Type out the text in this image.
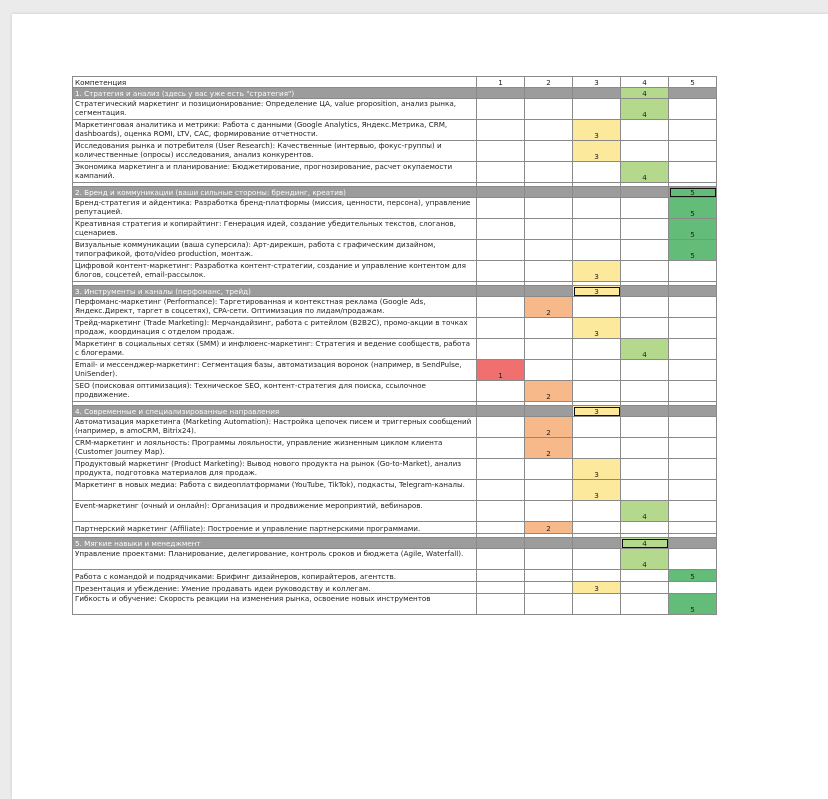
Компетенция	1	2	3	4	5
1. Стратегия и анализ (здесь у вас уже есть "стратегия")				4	
Стратегический маркетинг и позиционирование: Определение ЦА, value proposition, анализ рынка, сегментация.				4	
Маркетинговая аналитика и метрики: Работа с данными (Google Analytics, Яндекс.Метрика, CRM, dashboards), оценка ROMI, LTV, CAC, формирование отчетности.			3		
Исследования рынка и потребителя (User Research): Качественные (интервью, фокус-группы) и количественные (опросы) исследования, анализ конкурентов.			3		
Экономика маркетинга и планирование: Бюджетирование, прогнозирование, расчет окупаемости кампаний.				4	

2. Бренд и коммуникации (ваши сильные стороны: брендинг, креатив)					5
Бренд-стратегия и айдентика: Разработка бренд-платформы (миссия, ценности, персона), управление репутацией.					5
Креативная стратегия и копирайтинг: Генерация идей, создание убедительных текстов, слоганов, сценариев.					5
Визуальные коммуникации (ваша суперсила): Арт-дирекшн, работа с графическим дизайном, типографикой, фото/video production, монтаж.					5
Цифровой контент-маркетинг: Разработка контент-стратегии, создание и управление контентом для блогов, соцсетей, email-рассылок.			3		

3. Инструменты и каналы (перфоманс, трейд)			3		
Перфомaнс-маркетинг (Performance): Таргетированная и контекстная реклама (Google Ads, Яндекс.Директ, таргет в соцсетях), CPA-сети. Оптимизация по лидам/продажам.		2			
Трейд-маркетинг (Trade Marketing): Мерчандайзинг, работа с ритейлом (B2B2C), промо-акции в точках продаж, координация с отделом продаж.			3		
Маркетинг в социальных сетях (SMM) и инфлюенс-маркетинг: Стратегия и ведение сообществ, работа с блогерами.				4	
Email- и мессенджер-маркетинг: Сегментация базы, автоматизация воронок (например, в SendPulse, UniSender).	1				
SEO (поисковая оптимизация): Техническое SEO, контент-стратегия для поиска, ссылочное продвижение.		2			

4. Современные и специализированные направления			3		
Автоматизация маркетинга (Marketing Automation): Настройка цепочек писем и триггерных сообщений (например, в amoCRM, Bitrix24).		2			
CRM-маркетинг и лояльность: Программы лояльности, управление жизненным циклом клиента (Customer Journey Map).		2			
Продуктовый маркетинг (Product Marketing): Вывод нового продукта на рынок (Go-to-Market), анализ продукта, подготовка материалов для продаж.			3		
Маркетинг в новых медиа: Работа с видеоплатформами (YouTube, TikTok), подкасты, Telegram-каналы.			3		
Event-маркетинг (очный и онлайн): Организация и продвижение мероприятий, вебинаров.				4	
Партнерский маркетинг (Affiliate): Построение и управление партнерскими программами.		2			

5. Мягкие навыки и менеджмент				4	
Управление проектами: Планирование, делегирование, контроль сроков и бюджета (Agile, Waterfall).				4	
Работа с командой и подрядчиками: Брифинг дизайнеров, копирайтеров, агентств.					5
Презентация и убеждение: Умение продавать идеи руководству и коллегам.			3		
Гибкость и обучение: Скорость реакции на изменения рынка, освоение новых инструментов					5
